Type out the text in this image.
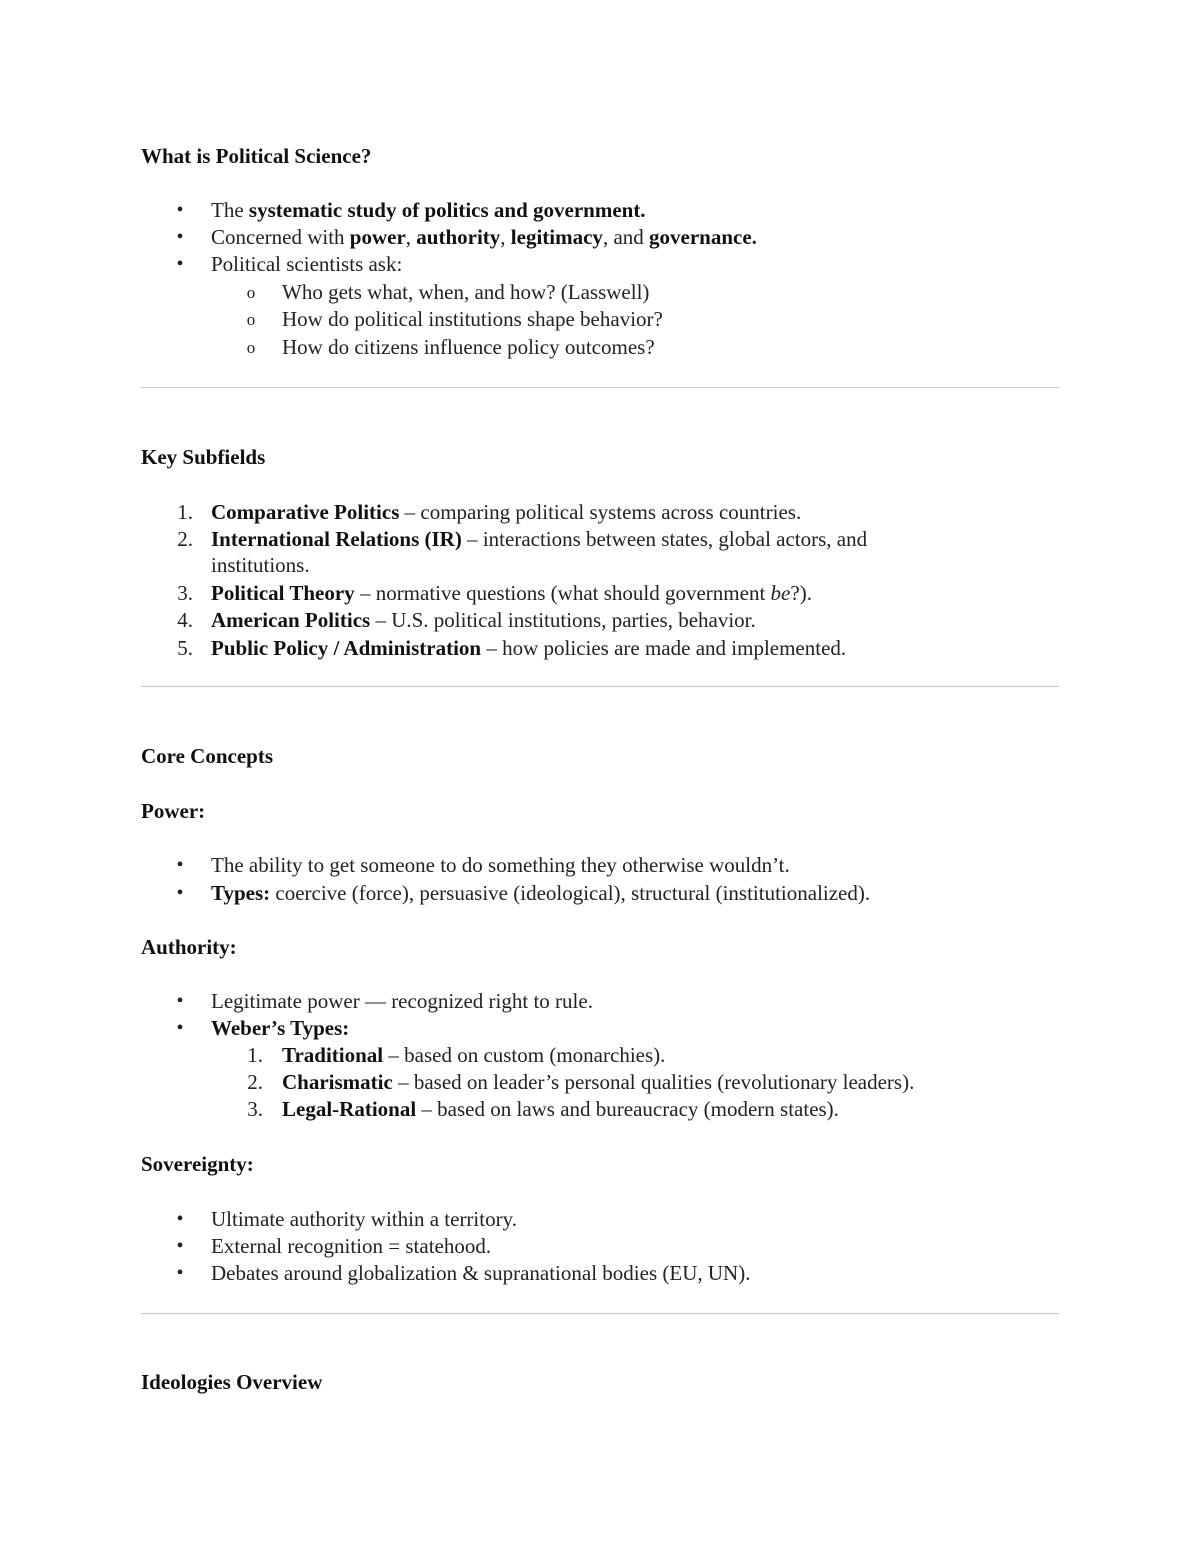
What is Political Science?
•	The systematic study of politics and government.
•	Concerned with power, authority, legitimacy, and governance.
•	Political scientists ask:
o Who gets what, when, and how? (Lasswell)
o How do political institutions shape behavior?
o How do citizens influence policy outcomes?
Key Subfields
1. Comparative Politics – comparing political systems across countries.
2. International Relations (IR) – interactions between states, global actors, and
institutions.
3. Political Theory – normative questions (what should government be?).
4. American Politics – U.S. political institutions, parties, behavior.
5. Public Policy / Administration – how policies are made and implemented.
Core Concepts
Power:
•	The ability to get someone to do something they otherwise wouldn’t.
•	Types: coercive (force), persuasive (ideological), structural (institutionalized).
Authority:
•	Legitimate power — recognized right to rule.
•	Weber’s Types:
1. Traditional – based on custom (monarchies).
2. Charismatic – based on leader’s personal qualities (revolutionary leaders).
3. Legal-Rational – based on laws and bureaucracy (modern states).
Sovereignty:
•	Ultimate authority within a territory.
•	External recognition = statehood.
•	Debates around globalization & supranational bodies (EU, UN).
Ideologies Overview
